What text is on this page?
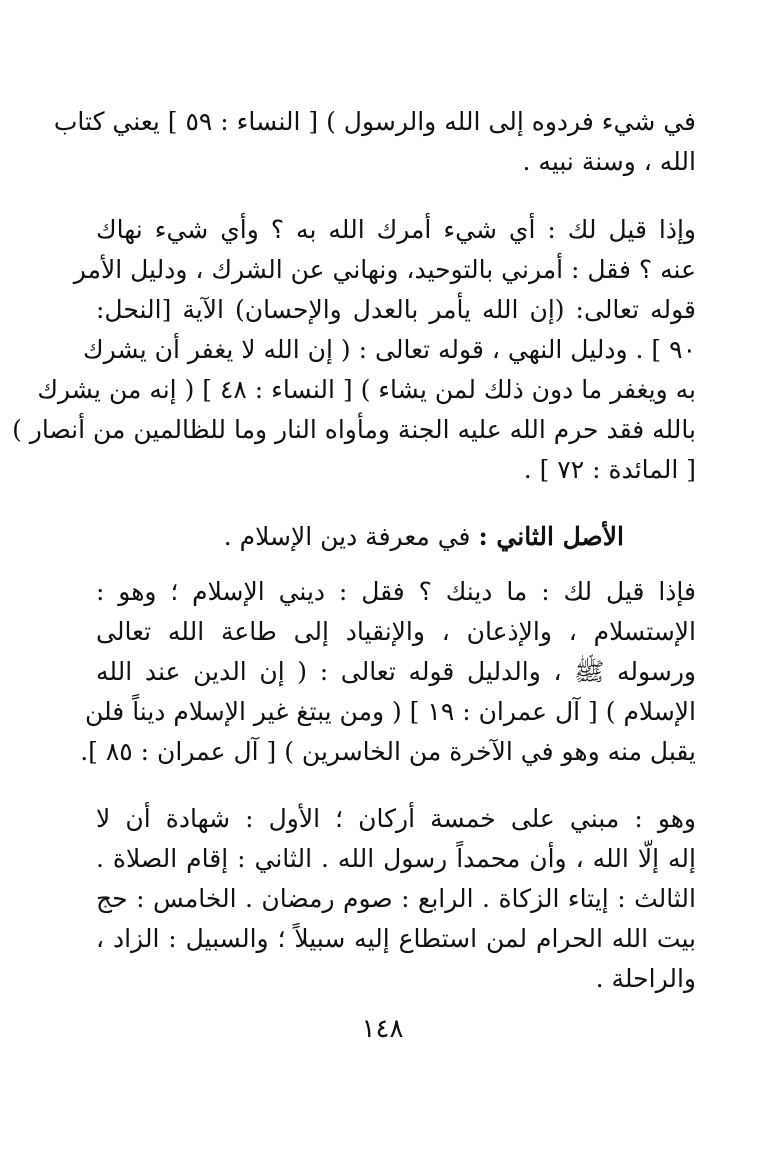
في شيء فردوه إلى الله والرسول ) [ النساء : ٥٩ ] يعني كتاب
الله ، وسنة نبيه .

وإذا قيل لك : أي شيء أمرك الله به ؟ وأي شيء نهاك
عنه ؟ فقل : أمرني بالتوحيد، ونهاني عن الشرك ، ودليل الأمر
قوله تعالى: (إن الله يأمر بالعدل والإحسان) الآية [النحل:
٩٠ ] . ودليل النهي ، قوله تعالى : ( إن الله لا يغفر أن يشرك
به ويغفر ما دون ذلك لمن يشاء ) [ النساء : ٤٨ ] ( إنه من يشرك
بالله فقد حرم الله عليه الجنة ومأواه النار وما للظالمين من أنصار )
[ المائدة : ٧٢ ] .

الأصل الثاني : في معرفة دين الإسلام .

فإذا قيل لك : ما دينك ؟ فقل : ديني الإسلام ؛ وهو :
الإستسلام ، والإذعان ، والإنقياد إلى طاعة الله تعالى
ورسوله ﷺ ، والدليل قوله تعالى : ( إن الدين عند الله
الإسلام ) [ آل عمران : ١٩ ] ( ومن يبتغ غير الإسلام ديناً فلن
يقبل منه وهو في الآخرة من الخاسرين ) [ آل عمران : ٨٥ ].

وهو : مبني على خمسة أركان ؛ الأول : شهادة أن لا
إله إلّا الله ، وأن محمداً رسول الله . الثاني : إقام الصلاة .
الثالث : إيتاء الزكاة . الرابع : صوم رمضان . الخامس : حج
بيت الله الحرام لمن استطاع إليه سبيلاً ؛ والسبيل : الزاد ،
والراحلة .

١٤٨
